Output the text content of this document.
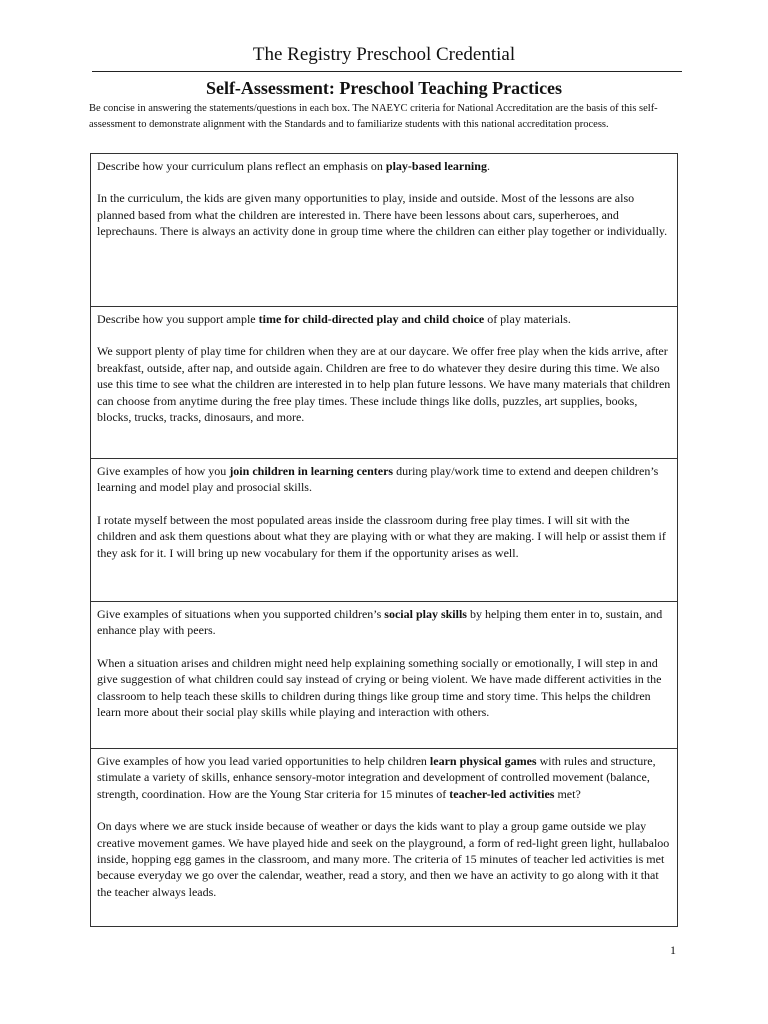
The Registry Preschool Credential
Self-Assessment: Preschool Teaching Practices
Be concise in answering the statements/questions in each box. The NAEYC criteria for National Accreditation are the basis of this self-assessment to demonstrate alignment with the Standards and to familiarize students with this national accreditation process.

Describe how your curriculum plans reflect an emphasis on play-based learning.

In the curriculum, the kids are given many opportunities to play, inside and outside. Most of the lessons are also planned based from what the children are interested in. There have been lessons about cars, superheroes, and leprechauns. There is always an activity done in group time where the children can either play together or individually.

Describe how you support ample time for child-directed play and child choice of play materials.

We support plenty of play time for children when they are at our daycare. We offer free play when the kids arrive, after breakfast, outside, after nap, and outside again. Children are free to do whatever they desire during this time. We also use this time to see what the children are interested in to help plan future lessons. We have many materials that children can choose from anytime during the free play times. These include things like dolls, puzzles, art supplies, books, blocks, trucks, tracks, dinosaurs, and more.

Give examples of how you join children in learning centers during play/work time to extend and deepen children’s learning and model play and prosocial skills.

I rotate myself between the most populated areas inside the classroom during free play times. I will sit with the children and ask them questions about what they are playing with or what they are making. I will help or assist them if they ask for it. I will bring up new vocabulary for them if the opportunity arises as well.

Give examples of situations when you supported children’s social play skills by helping them enter in to, sustain, and enhance play with peers.

When a situation arises and children might need help explaining something socially or emotionally, I will step in and give suggestion of what children could say instead of crying or being violent. We have made different activities in the classroom to help teach these skills to children during things like group time and story time. This helps the children learn more about their social play skills while playing and interaction with others.

Give examples of how you lead varied opportunities to help children learn physical games with rules and structure, stimulate a variety of skills, enhance sensory-motor integration and development of controlled movement (balance, strength, coordination. How are the Young Star criteria for 15 minutes of teacher-led activities met?

On days where we are stuck inside because of weather or days the kids want to play a group game outside we play creative movement games. We have played hide and seek on the playground, a form of red-light green light, hullabaloo inside, hopping egg games in the classroom, and many more. The criteria of 15 minutes of teacher led activities is met because everyday we go over the calendar, weather, read a story, and then we have an activity to go along with it that the teacher always leads.

1
